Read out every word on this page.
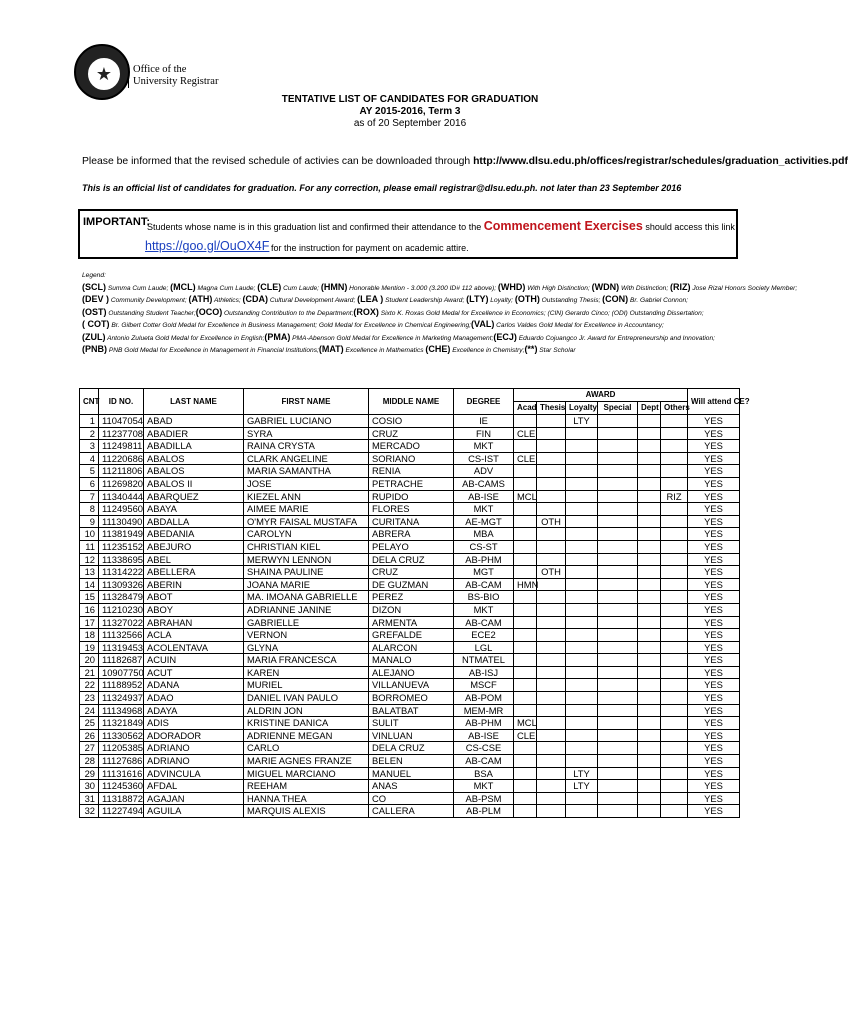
★	Office of the
University Registrar
TENTATIVE LIST OF CANDIDATES FOR GRADUATION
AY 2015-2016, Term 3
as of 20 September 2016
Please be informed that the revised schedule of activies can be downloaded through http://www.dlsu.edu.ph/offices/registrar/schedules/graduation_activities.pdf
This is an official list of candidates for graduation. For any correction, please email registrar@dlsu.edu.ph. not later than 23 September 2016
IMPORTANT:
Students whose name is in this graduation list and confirmed their attendance to the Commencement Exercises should access this link
https://goo.gl/OuOX4F for the instruction for payment on academic attire.
Legend:
(SCL) Summa Cum Laude; (MCL) Magna Cum Laude; (CLE) Cum Laude; (HMN) Honorable Mention - 3.000 (3.200 ID# 112 above); (WHD) With High Distinction; (WDN) With Distinction; (RIZ) Jose Rizal Honors Society Member;
(DEV ) Community Development; (ATH) Athletics; (CDA) Cultural Development Award; (LEA ) Student Leadership Award; (LTY) Loyalty; (OTH) Outstanding Thesis; (CON) Br. Gabriel Connon;
(OST) Outstanding Student Teacher;(OCO) Outstanding Contribution to the Department;(ROX) Sixto K. Roxas Gold Medal for Excellence in Economics; (CIN) Gerardo Cinco; (ODI) Outstanding Dissertation;
( COT) Br. Gilbert Cotter Gold Medal for Excellence in Business Management; Gold Medal for Excellence in Chemical Engineering;(VAL) Carlos Valdes Gold Medal for Excellence in Accountancy;
(ZUL) Antonio Zulueta Gold Medal for Excellence in English;(PMA) PMA-Abenson Gold Medal for Excellence in Marketing Management;(ECJ) Eduardo Cojuangco Jr. Award for Entrepreneurship and Innovation;
(PNB) PNB Gold Medal for Excellence in Management in Financial Institutions;(MAT) Excellence in Mathematics (CHE) Excellence in Chemistry;(**) Star Scholar
CNT	ID NO.	LAST NAME	FIRST NAME	MIDDLE NAME	DEGREE	AWARD						Will attend CE?
						Acad	Thesis	Loyalty	Special	Dept	Others	
1	11047054	ABAD	GABRIEL LUCIANO	COSIO	IE			LTY				YES
2	11237708	ABADIER	SYRA	CRUZ	FIN	CLE						YES
3	11249811	ABADILLA	RAINA CRYSTA	MERCADO	MKT							YES
4	11220686	ABALOS	CLARK ANGELINE	SORIANO	CS-IST	CLE						YES
5	11211806	ABALOS	MARIA SAMANTHA	RENIA	ADV							YES
6	11269820	ABALOS II	JOSE	PETRACHE	AB-CAMS							YES
7	11340444	ABARQUEZ	KIEZEL ANN	RUPIDO	AB-ISE	MCL					RIZ	YES
8	11249560	ABAYA	AIMEE MARIE	FLORES	MKT							YES
9	11130490	ABDALLA	O'MYR FAISAL MUSTAFA	CURITANA	AE-MGT		OTH					YES
10	11381949	ABEDANIA	CAROLYN	ABRERA	MBA							YES
11	11235152	ABEJURO	CHRISTIAN KIEL	PELAYO	CS-ST							YES
12	11338695	ABEL	MERWYN LENNON	DELA CRUZ	AB-PHM							YES
13	11314222	ABELLERA	SHAINA PAULINE	CRUZ	MGT		OTH					YES
14	11309326	ABERIN	JOANA MARIE	DE GUZMAN	AB-CAM	HMN						YES
15	11328479	ABOT	MA. IMOANA GABRIELLE	PEREZ	BS-BIO							YES
16	11210230	ABOY	ADRIANNE JANINE	DIZON	MKT							YES
17	11327022	ABRAHAN	GABRIELLE	ARMENTA	AB-CAM							YES
18	11132566	ACLA	VERNON	GREFALDE	ECE2							YES
19	11319453	ACOLENTAVA	GLYNA	ALARCON	LGL							YES
20	11182687	ACUIN	MARIA FRANCESCA	MANALO	NTMATEL							YES
21	10907750	ACUT	KAREN	ALEJANO	AB-ISJ							YES
22	11188952	ADANA	MURIEL	VILLANUEVA	MSCF							YES
23	11324937	ADAO	DANIEL IVAN PAULO	BORROMEO	AB-POM							YES
24	11134968	ADAYA	ALDRIN JON	BALATBAT	MEM-MR							YES
25	11321849	ADIS	KRISTINE DANICA	SULIT	AB-PHM	MCL						YES
26	11330562	ADORADOR	ADRIENNE MEGAN	VINLUAN	AB-ISE	CLE						YES
27	11205385	ADRIANO	CARLO	DELA CRUZ	CS-CSE							YES
28	11127686	ADRIANO	MARIE AGNES FRANZE	BELEN	AB-CAM							YES
29	11131616	ADVINCULA	MIGUEL MARCIANO	MANUEL	BSA			LTY				YES
30	11245360	AFDAL	REEHAM	ANAS	MKT			LTY				YES
31	11318872	AGAJAN	HANNA THEA	CO	AB-PSM							YES
32	11227494	AGUILA	MARQUIS ALEXIS	CALLERA	AB-PLM							YES
